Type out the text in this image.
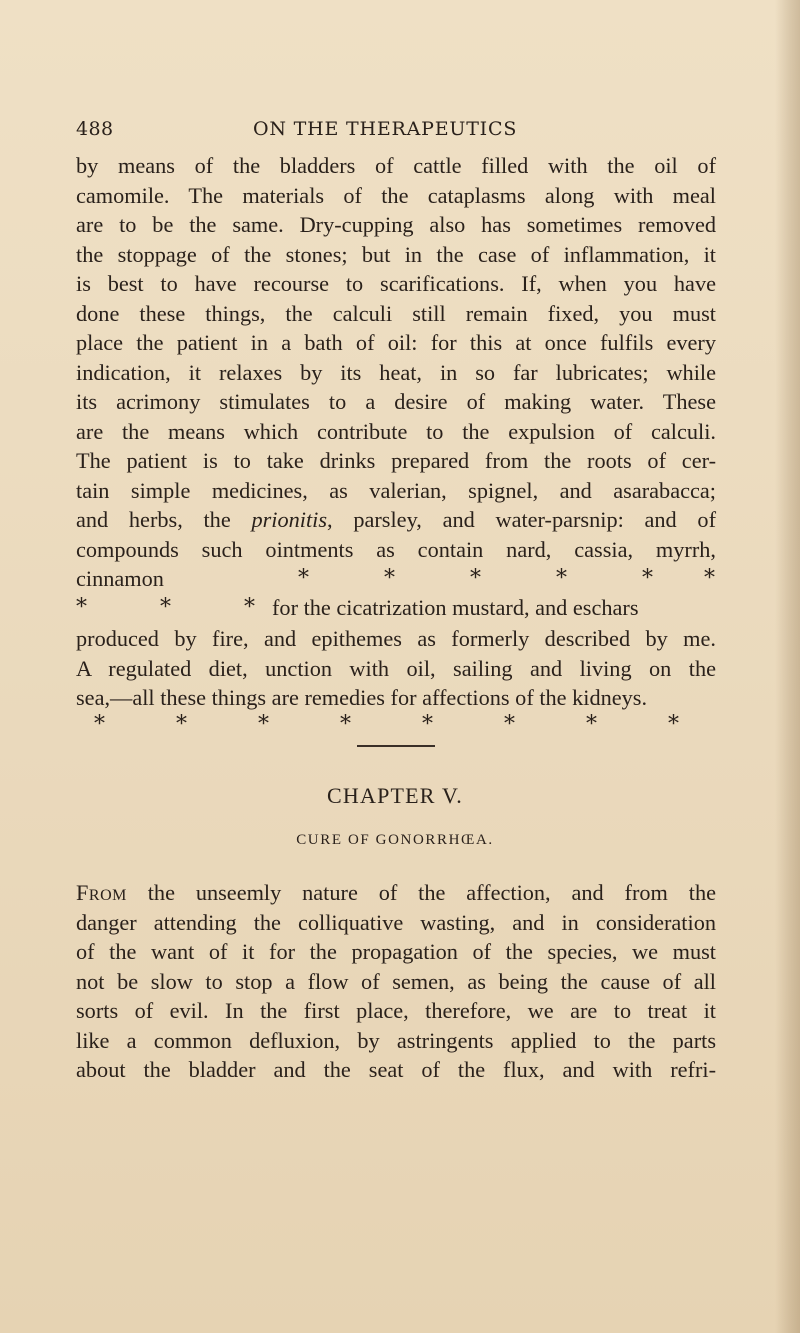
488	ON THE THERAPEUTICS
by means of the bladders of cattle filled with the oil of
camomile. The materials of the cataplasms along with meal
are to be the same. Dry-cupping also has sometimes removed
the stoppage of the stones; but in the case of inflammation, it
is best to have recourse to scarifications. If, when you have
done these things, the calculi still remain fixed, you must
place the patient in a bath of oil: for this at once fulfils every
indication, it relaxes by its heat, in so far lubricates; while
its acrimony stimulates to a desire of making water. These
are the means which contribute to the expulsion of calculi.
The patient is to take drinks prepared from the roots of cer-
tain simple medicines, as valerian, spignel, and asarabacca;
and herbs, the prionitis, parsley, and water-parsnip: and of
compounds such ointments as contain nard, cassia, myrrh,
cinnamon	*	*	*	*	* *
*	*	* for the cicatrization mustard, and eschars
produced by fire, and epithemes as formerly described by me.
A regulated diet, unction with oil, sailing and living on the
sea,—all these things are remedies for affections of the kidneys.
*	*	*	*	*	*	*	*
CHAPTER V.
CURE OF GONORRHŒA.
From the unseemly nature of the affection, and from the
danger attending the colliquative wasting, and in consideration
of the want of it for the propagation of the species, we must
not be slow to stop a flow of semen, as being the cause of all
sorts of evil. In the first place, therefore, we are to treat it
like a common defluxion, by astringents applied to the parts
about the bladder and the seat of the flux, and with refri-
